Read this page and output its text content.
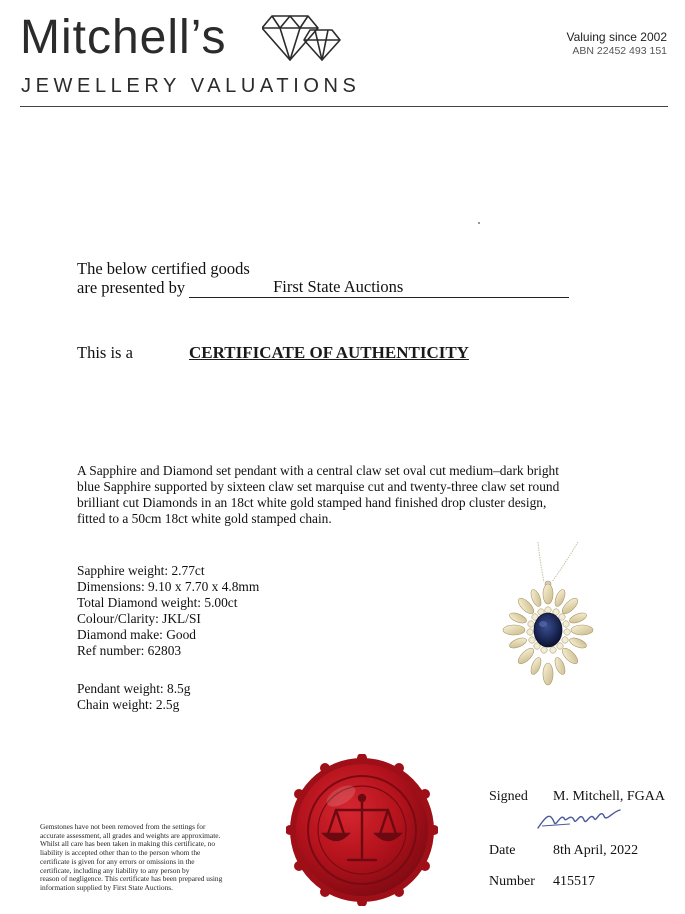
Mitchell’s
JEWELLERY VALUATIONS
Valuing since 2002
ABN 22452 493 151
The below certified goods
are presented by	First State Auctions
This is a	CERTIFICATE OF AUTHENTICITY
A Sapphire and Diamond set pendant with a central claw set oval cut medium–dark bright
blue Sapphire supported by sixteen claw set marquise cut and twenty-three claw set round
brilliant cut Diamonds in an 18ct white gold stamped hand finished drop cluster design,
fitted to a 50cm 18ct white gold stamped chain.
Sapphire weight: 2.77ct
Dimensions: 9.10 x 7.70 x 4.8mm
Total Diamond weight: 5.00ct
Colour/Clarity: JKL/SI
Diamond make: Good
Ref number: 62803
Pendant weight: 8.5g
Chain weight: 2.5g
Gemstones have not been removed from the settings for
accurate assessment, all grades and weights are approximate.
Whilst all care has been taken in making this certificate, no
liability is accepted other than to the person whom the
certificate is given for any errors or omissions in the
certificate, including any liability to any person by
reason of negligence. This certificate has been prepared using
information supplied by First State Auctions.
Signed M. Mitchell, FGAA
Date	8th April, 2022
Number 415517
